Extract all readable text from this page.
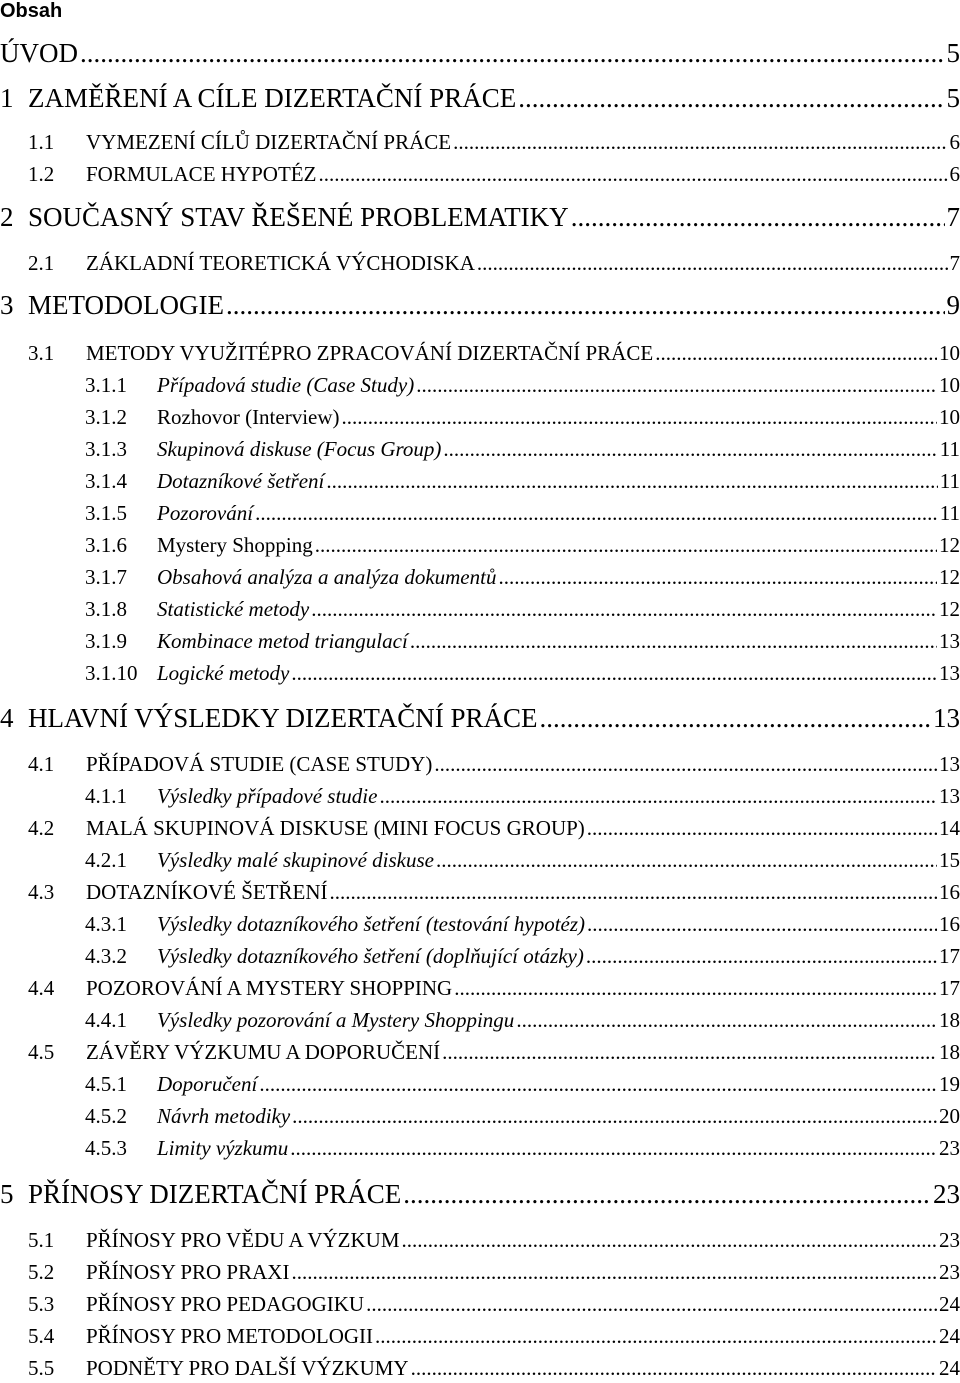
Obsah
ÚVOD .....	5
1 ZAMĚŘENÍ A CÍLE DIZERTAČNÍ PRÁCE .....	5
1.1	VYMEZENÍ CÍLŮ DIZERTAČNÍ PRÁCE .....	6
1.2	FORMULACE HYPOTÉZ .....	6
2 SOUČASNÝ STAV ŘEŠENÉ PROBLEMATIKY .....	7
2.1	ZÁKLADNÍ TEORETICKÁ VÝCHODISKA .....	7
3 METODOLOGIE .....	9
3.1	METODY VYUŽITÉPRO ZPRACOVÁNÍ DIZERTAČNÍ PRÁCE .....	10
3.1.1	Případová studie (Case Study) .....	10
3.1.2	Rozhovor (Interview) .....	10
3.1.3	Skupinová diskuse (Focus Group) .....	11
3.1.4	Dotazníkové šetření .....	11
3.1.5	Pozorování .....	11
3.1.6	Mystery Shopping .....	12
3.1.7	Obsahová analýza a analýza dokumentů .....	12
3.1.8	Statistické metody .....	12
3.1.9	Kombinace metod triangulací .....	13
3.1.10 Logické metody .....	13
4 HLAVNÍ VÝSLEDKY DIZERTAČNÍ PRÁCE .....	13
4.1	PŘÍPADOVÁ STUDIE (CASE STUDY) .....	13
4.1.1	Výsledky případové studie .....	13
4.2	MALÁ SKUPINOVÁ DISKUSE (MINI FOCUS GROUP) .....	14
4.2.1	Výsledky malé skupinové diskuse .....	15
4.3	DOTAZNÍKOVÉ ŠETŘENÍ .....	16
4.3.1	Výsledky dotazníkového šetření (testování hypotéz) .....	16
4.3.2	Výsledky dotazníkového šetření (doplňující otázky) .....	17
4.4	POZOROVÁNÍ A MYSTERY SHOPPING .....	17
4.4.1	Výsledky pozorování a Mystery Shoppingu .....	18
4.5	ZÁVĚRY VÝZKUMU A DOPORUČENÍ .....	18
4.5.1	Doporučení .....	19
4.5.2	Návrh metodiky .....	20
4.5.3	Limity výzkumu .....	23
5 PŘÍNOSY DIZERTAČNÍ PRÁCE .....	23
5.1	PŘÍNOSY PRO VĚDU A VÝZKUM .....	23
5.2	PŘÍNOSY PRO PRAXI .....	23
5.3	PŘÍNOSY PRO PEDAGOGIKU .....	24
5.4	PŘÍNOSY PRO METODOLOGII .....	24
5.5	PODNĚTY PRO DALŠÍ VÝZKUMY .....	24
